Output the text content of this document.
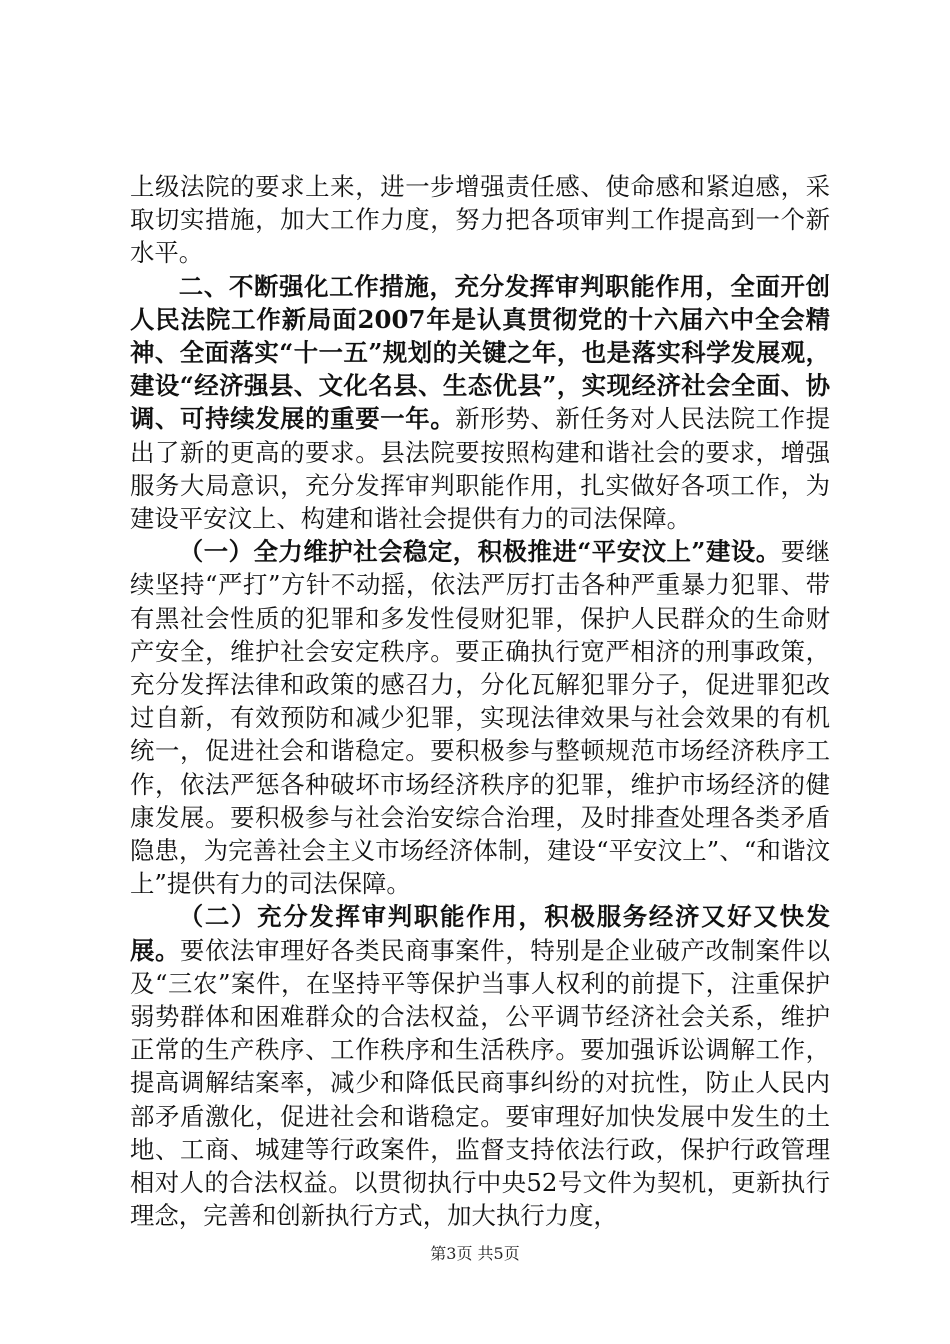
上级法院的要求上来，进一步增强责任感、使命感和紧迫感，采取切实措施，加大工作力度，努力把各项审判工作提高到一个新水平。

二、不断强化工作措施，充分发挥审判职能作用，全面开创人民法院工作新局面2007年是认真贯彻党的十六届六中全会精神、全面落实“十一五”规划的关键之年，也是落实科学发展观，建设“经济强县、文化名县、生态优县”，实现经济社会全面、协调、可持续发展的重要一年。新形势、新任务对人民法院工作提出了新的更高的要求。县法院要按照构建和谐社会的要求，增强服务大局意识，充分发挥审判职能作用，扎实做好各项工作，为建设平安汶上、构建和谐社会提供有力的司法保障。

（一）全力维护社会稳定，积极推进“平安汶上”建设。要继续坚持“严打”方针不动摇，依法严厉打击各种严重暴力犯罪、带有黑社会性质的犯罪和多发性侵财犯罪，保护人民群众的生命财产安全，维护社会安定秩序。要正确执行宽严相济的刑事政策，充分发挥法律和政策的感召力，分化瓦解犯罪分子，促进罪犯改过自新，有效预防和减少犯罪，实现法律效果与社会效果的有机统一，促进社会和谐稳定。要积极参与整顿规范市场经济秩序工作，依法严惩各种破坏市场经济秩序的犯罪，维护市场经济的健康发展。要积极参与社会治安综合治理，及时排查处理各类矛盾隐患，为完善社会主义市场经济体制，建设“平安汶上”、“和谐汶上”提供有力的司法保障。

（二）充分发挥审判职能作用，积极服务经济又好又快发展。要依法审理好各类民商事案件，特别是企业破产改制案件以及“三农”案件，在坚持平等保护当事人权利的前提下，注重保护弱势群体和困难群众的合法权益，公平调节经济社会关系，维护正常的生产秩序、工作秩序和生活秩序。要加强诉讼调解工作，提高调解结案率，减少和降低民商事纠纷的对抗性，防止人民内部矛盾激化，促进社会和谐稳定。要审理好加快发展中发生的土地、工商、城建等行政案件，监督支持依法行政，保护行政管理相对人的合法权益。以贯彻执行中央52号文件为契机，更新执行理念，完善和创新执行方式，加大执行力度，

第3页 共5页
